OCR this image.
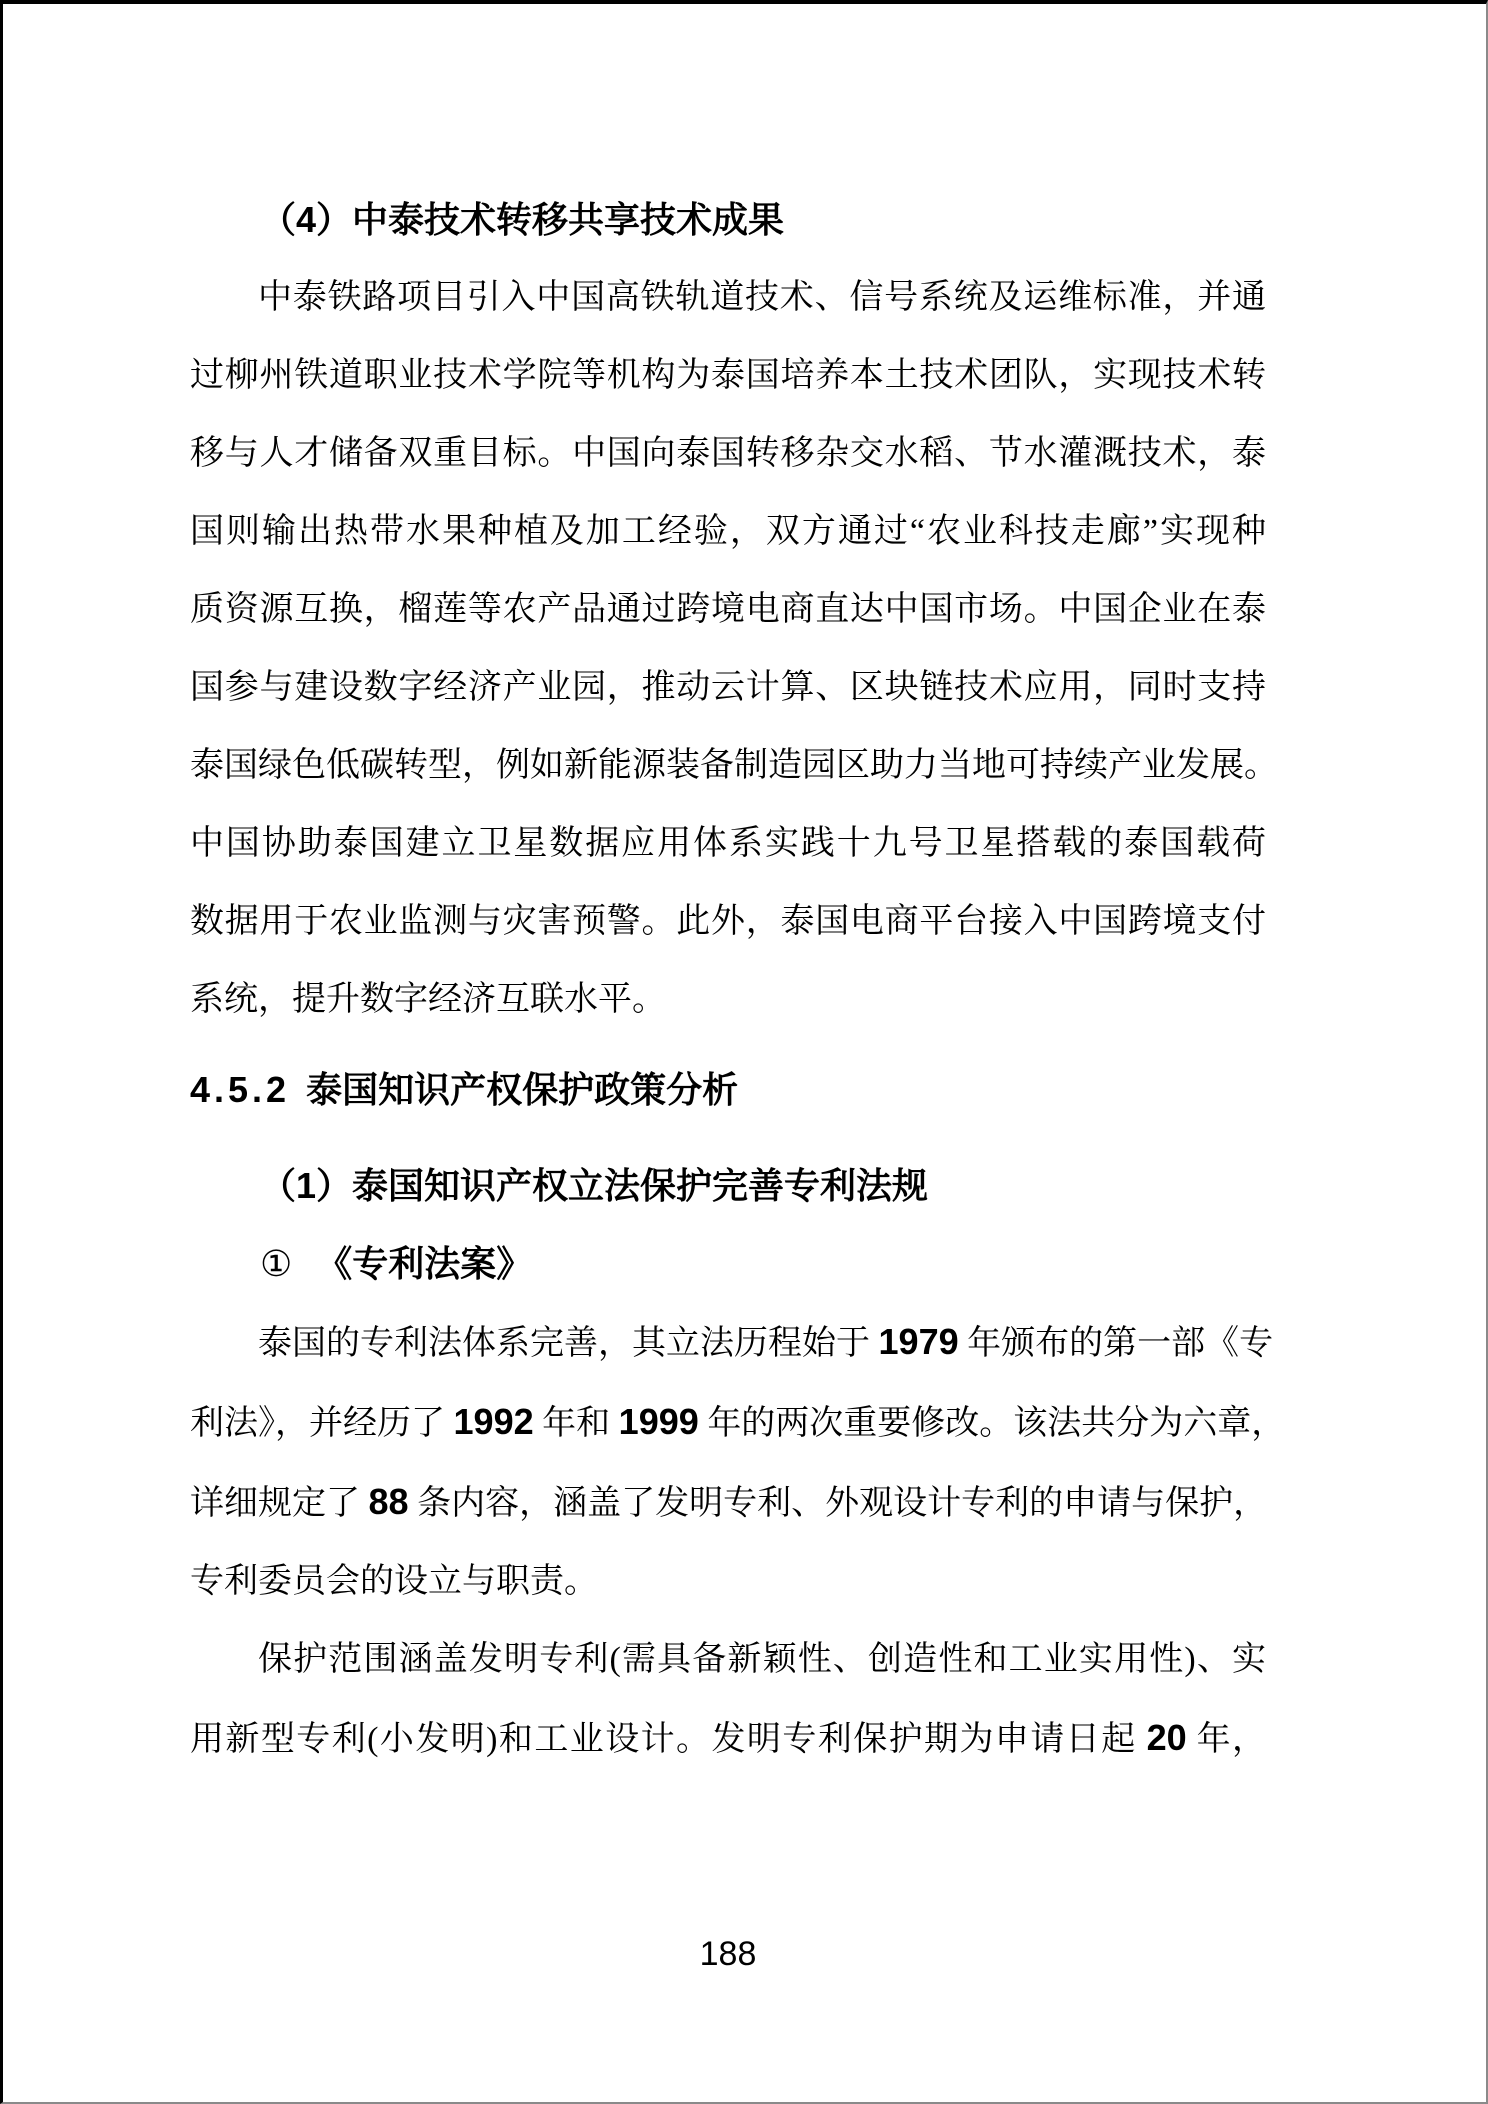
（4）中泰技术转移共享技术成果
中泰铁路项目引入中国高铁轨道技术、信号系统及运维标准，并通
过柳州铁道职业技术学院等机构为泰国培养本土技术团队，实现技术转
移与人才储备双重目标。中国向泰国转移杂交水稻、节水灌溉技术，泰
国则输出热带水果种植及加工经验，双方通过“农业科技走廊”实现种
质资源互换，榴莲等农产品通过跨境电商直达中国市场。中国企业在泰
国参与建设数字经济产业园，推动云计算、区块链技术应用，同时支持
泰国绿色低碳转型，例如新能源装备制造园区助力当地可持续产业发展。
中国协助泰国建立卫星数据应用体系实践十九号卫星搭载的泰国载荷
数据用于农业监测与灾害预警。此外，泰国电商平台接入中国跨境支付
系统，提升数字经济互联水平。
4.5.2 泰国知识产权保护政策分析
（1）泰国知识产权立法保护完善专利法规
① 《专利法案》
泰国的专利法体系完善，其立法历程始于 1979 年颁布的第一部《专
利法》，并经历了 1992 年和 1999 年的两次重要修改。该法共分为六章，
详细规定了 88 条内容，涵盖了发明专利、外观设计专利的申请与保护，
专利委员会的设立与职责。
保护范围涵盖发明专利(需具备新颖性、创造性和工业实用性)、实
用新型专利(小发明)和工业设计。发明专利保护期为申请日起 20 年，
188
